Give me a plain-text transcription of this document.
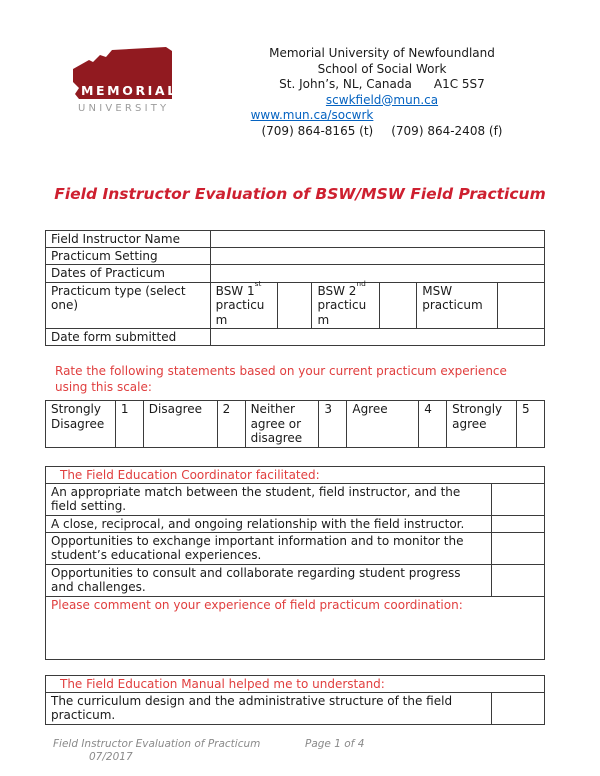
MEMORIAL
UNIVERSITY
Memorial University of Newfoundland
School of Social Work
St. John’s, NL, Canada A1C 5S7
scwkfield@mun.ca
www.mun.ca/socwrk
(709) 864-8165 (t) (709) 864-2408 (f)
Field Instructor Evaluation of BSW/MSW Field Practicum
Field Instructor Name						
Practicum Setting						
Dates of Practicum						
Practicum type (select one)	BSW 1st practicum		BSW 2nd practicum		MSW practicum	
Date form submitted						
Rate the following statements based on your current practicum experience using this scale:
Strongly Disagree	1	Disagree	2	Neither agree or disagree	3	Agree	4	Strongly agree	5
The Field Education Coordinator facilitated:	
An appropriate match between the student, field instructor, and the field setting.	
A close, reciprocal, and ongoing relationship with the field instructor.	
Opportunities to exchange important information and to monitor the student’s educational experiences.	
Opportunities to consult and collaborate regarding student progress and challenges.	

Please comment on your experience of field practicum coordination:	
The Field Education Manual helped me to understand:
The curriculum design and the administrative structure of the field practicum.	
Field Instructor Evaluation of Practicum
07/2017
Page 1 of 4
